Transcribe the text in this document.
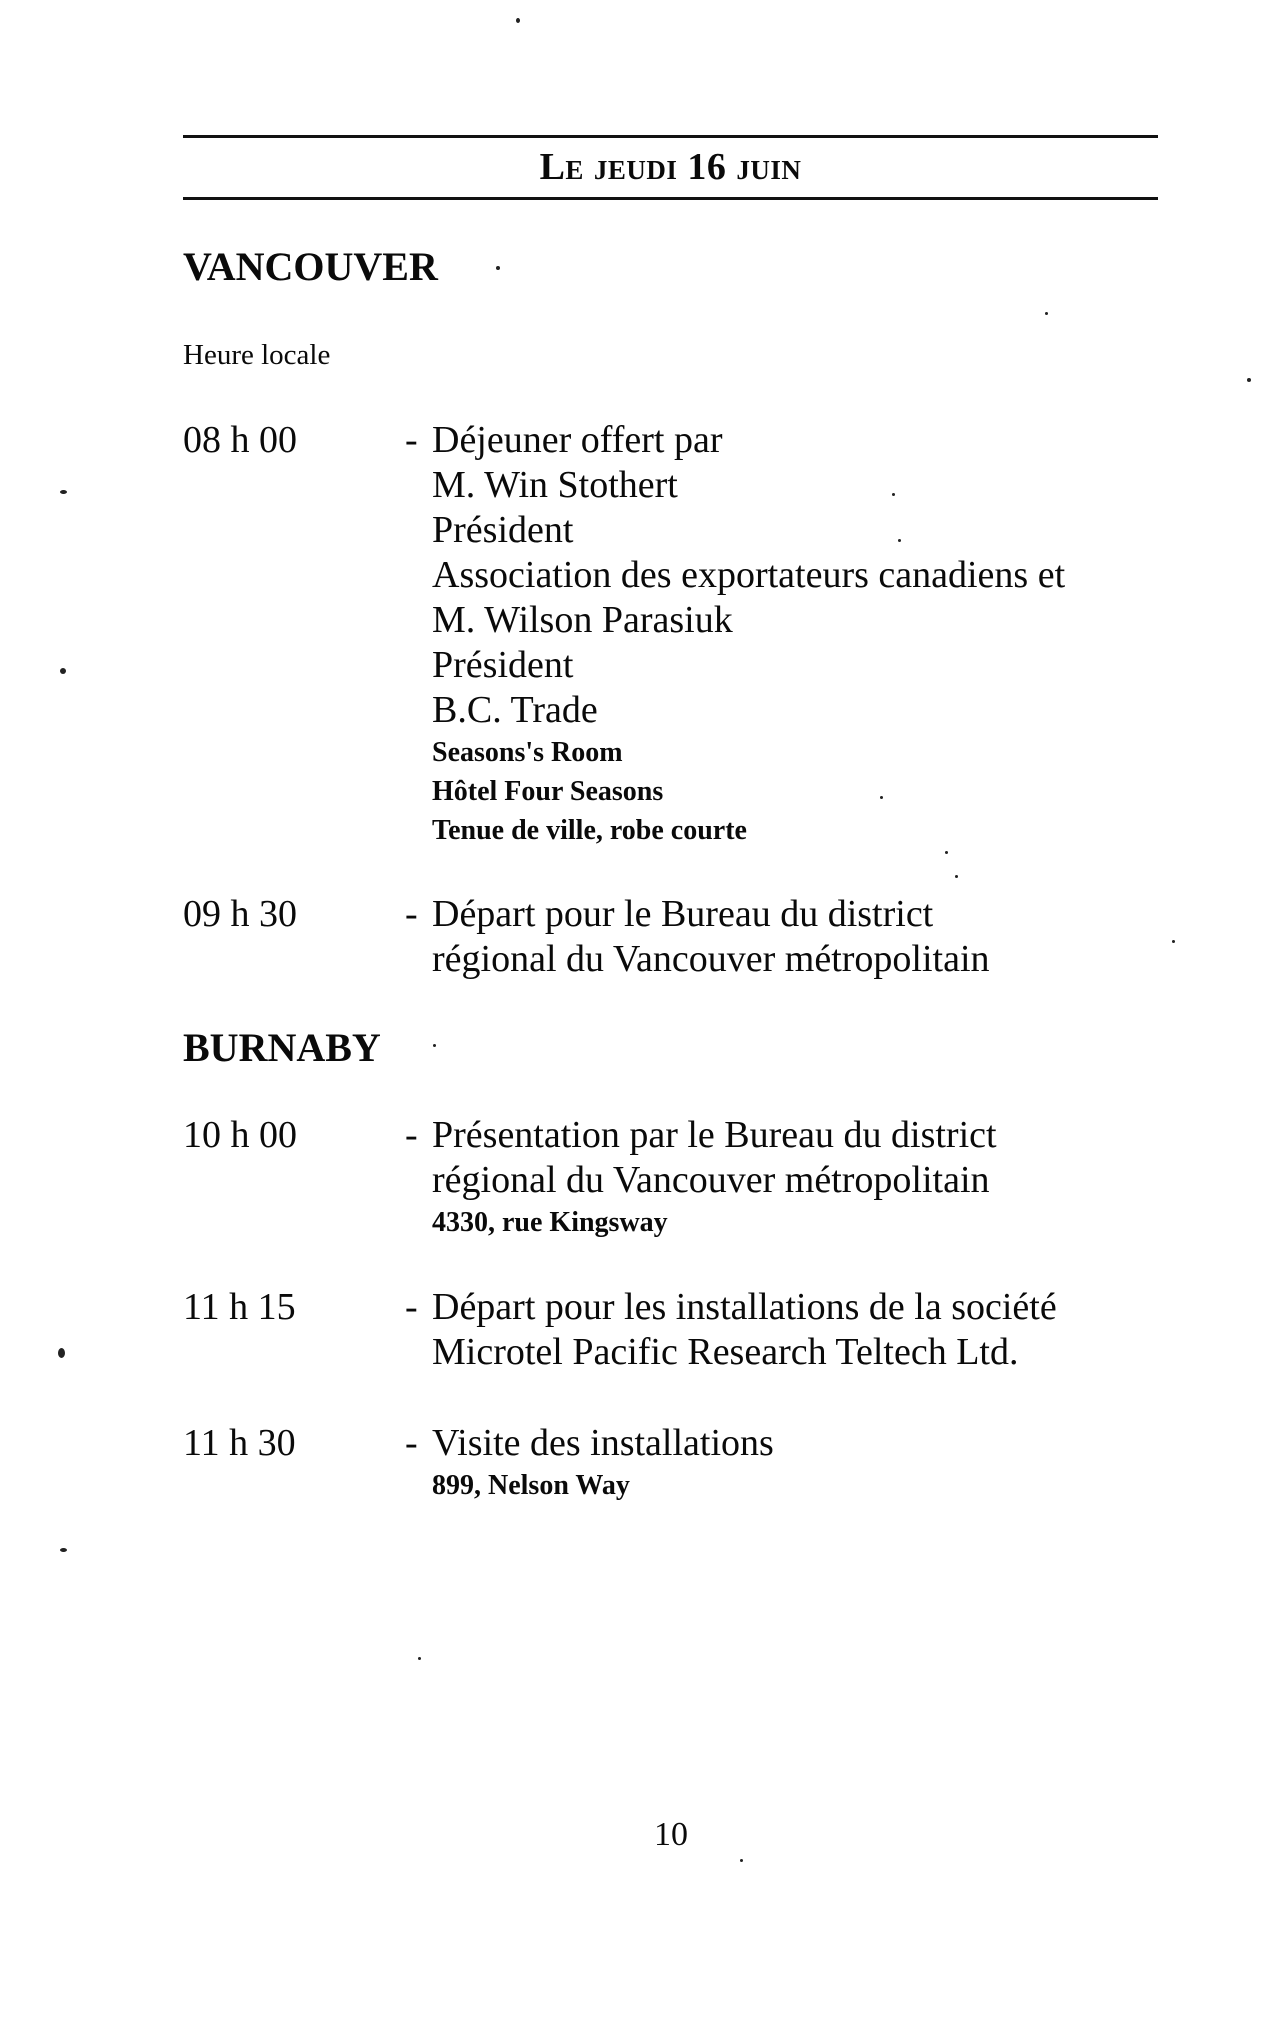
Le jeudi 16 juin
VANCOUVER
Heure locale
08 h 00	- Déjeuner offert par
M. Win Stothert
Président
Association des exportateurs canadiens et
M. Wilson Parasiuk
Président
B.C. Trade
Seasons's Room
Hôtel Four Seasons
Tenue de ville, robe courte
09 h 30	- Départ pour le Bureau du district
régional du Vancouver métropolitain
BURNABY
10 h 00	- Présentation par le Bureau du district
régional du Vancouver métropolitain
4330, rue Kingsway
11 h 15	- Départ pour les installations de la société
Microtel Pacific Research Teltech Ltd.
11 h 30	- Visite des installations
899, Nelson Way
10
